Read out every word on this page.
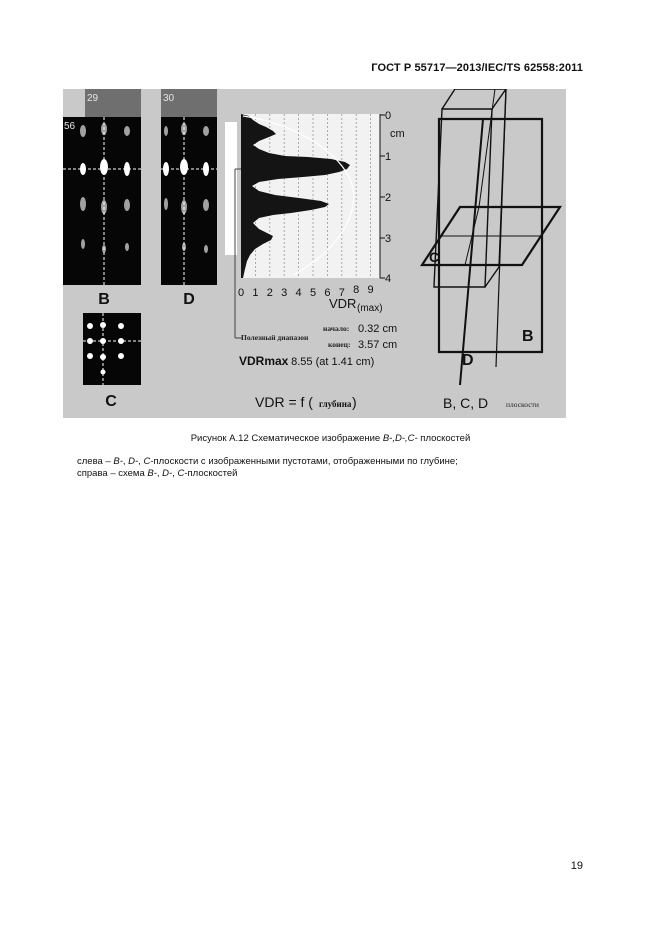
ГОСТ Р 55717—2013/IEC/TS 62558:2011
29
56
B
30
D
C
0
1
2
3
4
cm
0 1 2 3 4 5 6 7 8 9
VDR (max)
Полезный диапазон
начало: 0.32 cm
конец: 3.57 cm
VDRmax
: 8.55 (at 1.41 cm)
VDR = f ( глубина )
C
B
D
B, C, D плоскости
Рисунок А.12 Схематическое изображение В-,D-,С- плоскостей
слева – В-, D-, С-плоскости с изображенными пустотами, отображенными по глубине;
справа – схема В-, D-, С-плоскостей
19
